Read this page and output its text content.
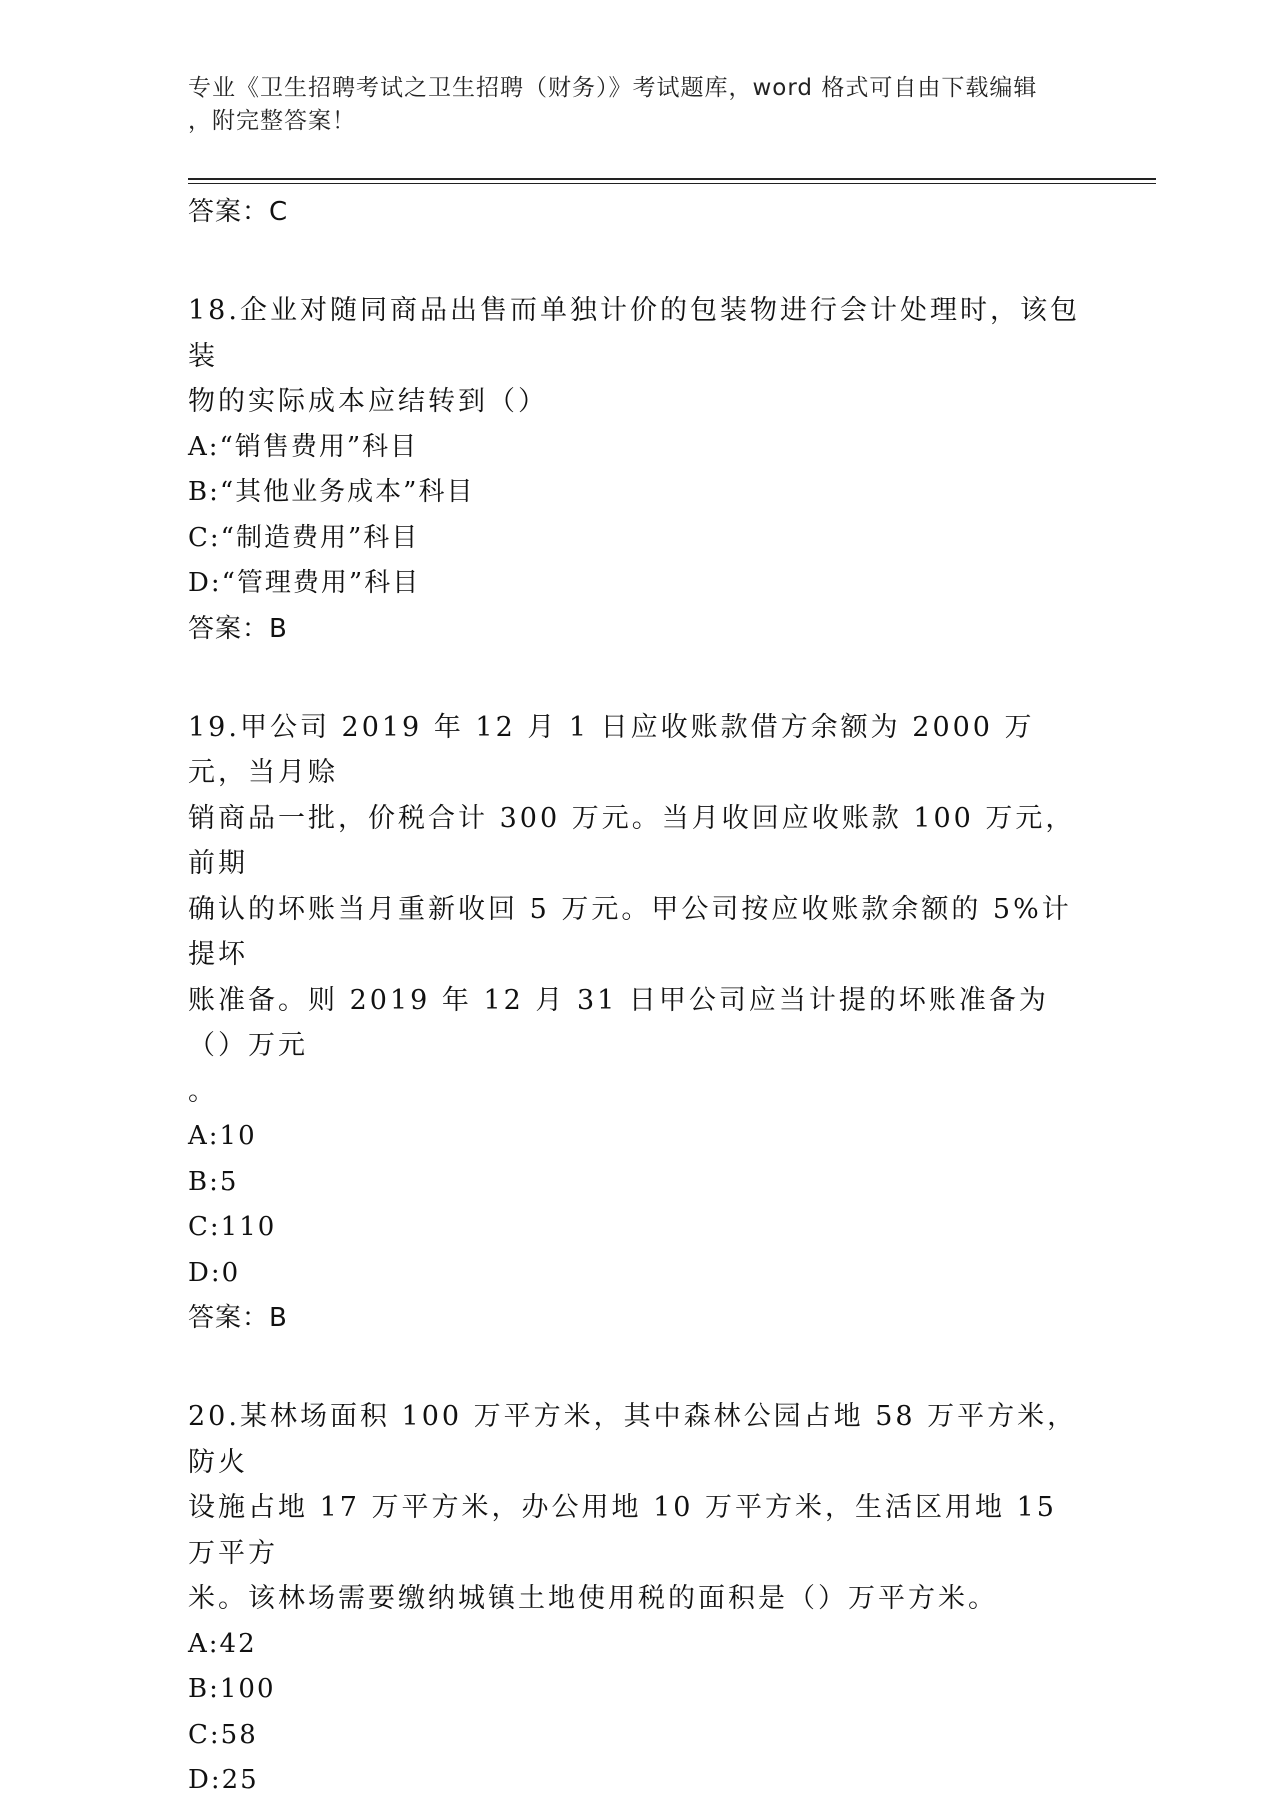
专业《卫生招聘考试之卫生招聘（财务）》考试题库，word 格式可自由下载编辑
，附完整答案！

答案：C

18.企业对随同商品出售而单独计价的包装物进行会计处理时，该包装

物的实际成本应结转到（）

A:“销售费用”科目

B:“其他业务成本”科目

C:“制造费用”科目

D:“管理费用”科目

答案：B

19.甲公司 2019 年 12 月 1 日应收账款借方余额为 2000 万元，当月赊

销商品一批，价税合计 300 万元。当月收回应收账款 100 万元，前期

确认的坏账当月重新收回 5 万元。甲公司按应收账款余额的 5%计提坏

账准备。则 2019 年 12 月 31 日甲公司应当计提的坏账准备为（）万元

。

A:10

B:5

C:110

D:0

答案：B

20.某林场面积 100 万平方米，其中森林公园占地 58 万平方米，防火

设施占地 17 万平方米，办公用地 10 万平方米，生活区用地 15 万平方

米。该林场需要缴纳城镇土地使用税的面积是（）万平方米。

A:42

B:100

C:58

D:25
